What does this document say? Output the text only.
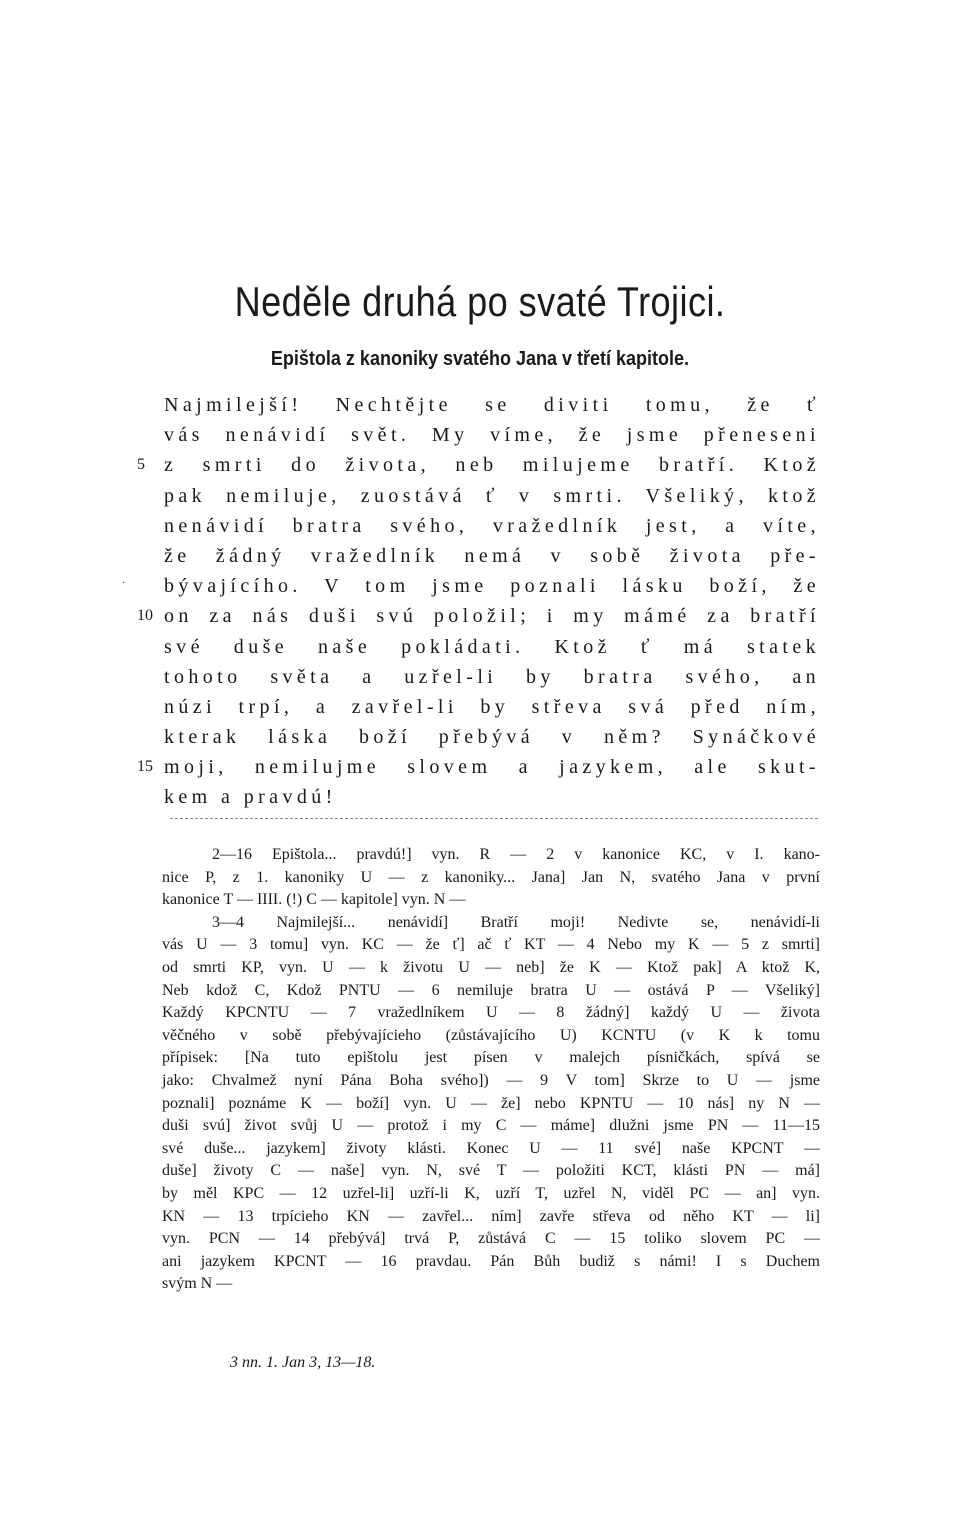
Neděle druhá po svaté Trojici.
Epištola z kanoniky svatého Jana v třetí kapitole.
·
Najmilejší! Nechtějte se diviti tomu, že ť
vás nenávidí svět. My víme, že jsme přeneseni
5 z smrti do života, neb milujeme bratří. Ktož
pak nemiluje, zuostává ť v smrti. Všeliký, ktož
nenávidí bratra svého, vražedlník jest, a víte,
že žádný vražedlník nemá v sobě života pře-
bývajícího. V tom jsme poznali lásku boží, že
10 on za nás duši svú položil; i my mámé za bratří
své duše naše pokládati. Ktož ť má statek
tohoto světa a uzřel-li by bratra svého, an
núzi trpí, a zavřel-li by střeva svá před ním,
kterak láska boží přebývá v něm? Synáčkové
15 moji, nemilujme slovem a jazykem, ale skut-
kem a pravdú!
2—16 Epištola... pravdú!] vyn. R — 2 v kanonice KC, v I. kano-
nice P, z 1. kanoniky U — z kanoniky... Jana] Jan N, svatého Jana v první
kanonice T — IIII. (!) C — kapitole] vyn. N —
3—4 Najmilejší... nenávidí] Bratří moji! Nedivte se, nenávidí-li
vás U — 3 tomu] vyn. KC — že ť] ač ť KT — 4 Nebo my K — 5 z smrti]
od smrti KP, vyn. U — k životu U — neb] že K — Ktož pak] A ktož K,
Neb kdož C, Kdož PNTU — 6 nemiluje bratra U — ostává P — Všeliký]
Každý KPCNTU — 7 vražedlníkem U — 8 žádný] každý U — života
věčného v sobě přebývajícieho (zůstávajícího U) KCNTU (v K k tomu
přípisek: [Na tuto epištolu jest písen v malejch písničkách, spívá se
jako: Chvalmež nyní Pána Boha svého]) — 9 V tom] Skrze to U — jsme
poznali] poznáme K — boží] vyn. U — že] nebo KPNTU — 10 nás] ny N —
duši svú] život svůj U — protož i my C — máme] dlužni jsme PN — 11—15
své duše... jazykem] životy klásti. Konec U — 11 své] naše KPCNT —
duše] životy C — naše] vyn. N, své T — položiti KCT, klásti PN — má]
by měl KPC — 12 uzřel-li] uzří-li K, uzří T, uzřel N, viděl PC — an] vyn.
KN — 13 trpícieho KN — zavřel... ním] zavře střeva od něho KT — li]
vyn. PCN — 14 přebývá] trvá P, zůstává C — 15 toliko slovem PC —
ani jazykem KPCNT — 16 pravdau. Pán Bůh budiž s námi! I s Duchem
svým N —
3 nn. 1. Jan 3, 13—18.
